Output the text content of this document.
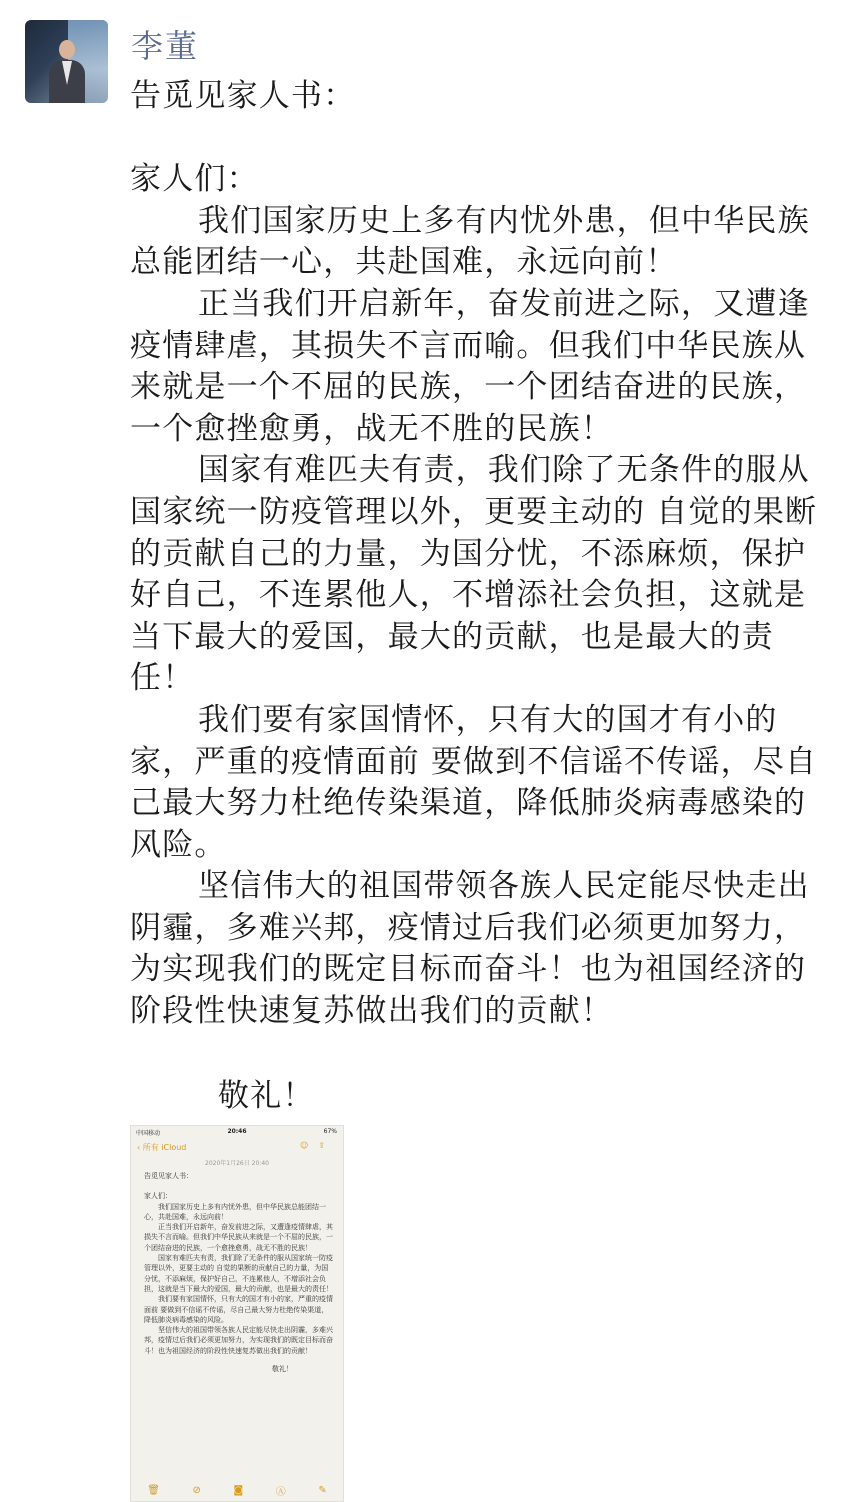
李董

告觅见家人书：

家人们：

我们国家历史上多有内忧外患，但中华民族总能团结一心，共赴国难，永远向前！

正当我们开启新年，奋发前进之际，又遭逢疫情肆虐，其损失不言而喻。但我们中华民族从来就是一个不屈的民族，一个团结奋进的民族，一个愈挫愈勇，战无不胜的民族！

国家有难匹夫有责，我们除了无条件的服从国家统一防疫管理以外，更要主动的 自觉的果断的贡献自己的力量，为国分忧，不添麻烦，保护好自己，不连累他人，不增添社会负担，这就是当下最大的爱国，最大的贡献，也是最大的责任！

我们要有家国情怀，只有大的国才有小的家，严重的疫情面前 要做到不信谣不传谣，尽自己最大努力杜绝传染渠道，降低肺炎病毒感染的风险。

坚信伟大的祖国带领各族人民定能尽快走出阴霾，多难兴邦，疫情过后我们必须更加努力，为实现我们的既定目标而奋斗！也为祖国经济的阶段性快速复苏做出我们的贡献！

敬礼！

中国移动	20:46	67%
‹ 所有 iCloud	☺⇪
2020年1月26日 20:40

告觅见家人书：

家人们：

我们国家历史上多有内忧外患，但中华民族总能团结一心，共赴国难，永远向前！

正当我们开启新年，奋发前进之际，又遭逢疫情肆虐，其损失不言而喻。但我们中华民族从来就是一个不屈的民族，一个团结奋进的民族，一个愈挫愈勇，战无不胜的民族！

国家有难匹夫有责，我们除了无条件的服从国家统一防疫管理以外，更要主动的 自觉的果断的贡献自己的力量，为国分忧，不添麻烦，保护好自己，不连累他人，不增添社会负担，这就是当下最大的爱国，最大的贡献，也是最大的责任！

我们要有家国情怀，只有大的国才有小的家，严重的疫情面前 要做到不信谣不传谣，尽自己最大努力杜绝传染渠道，降低肺炎病毒感染的风险。

坚信伟大的祖国带领各族人民定能尽快走出阴霾，多难兴邦，疫情过后我们必须更加努力，为实现我们的既定目标而奋斗！也为祖国经济的阶段性快速复苏做出我们的贡献！

敬礼！

🗑	⊘	◙	Ⓐ	✎
